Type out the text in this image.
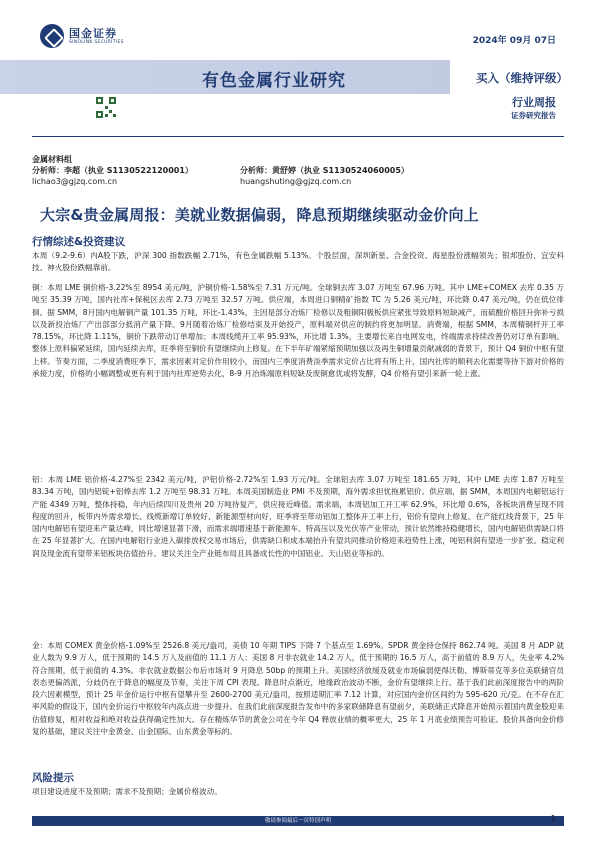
国金证券
SINOLINK SECURITIES	2024年 09月 07日
有色金属行业研究	买入（维持评级）
行业周报
证券研究报告
金属材料组
分析师：李超（执业 S1130522120001）	分析师：黄舒婷（执业 S1130524060005）
lichao3@gjzq.com.cn	huangshuting@gjzq.com.cn
大宗&贵金属周报：美就业数据偏弱，降息预期继续驱动金价向上
行情综述&投资建议
本周（9.2-9.6）内A股下跌，沪深 300 指数跌幅 2.71%，有色金属跌幅 5.13%。个股层面，深圳新星、合金投资、海星股份涨幅领先；银邦股份、宜安科技、神火股份跌幅靠前。
铜：本周 LME 铜价格-3.22%至 8954 美元/吨，沪铜价格-1.58%至 7.31 万元/吨。全球铜去库 3.07 万吨至 67.96 万吨。其中 LME+COMEX 去库 0.35 万吨至 35.39 万吨，国内社库+保税区去库 2.73 万吨至 32.57 万吨。供应端，本周进口铜精矿指数 TC 为 5.26 美元/吨，环比降 0.47 美元/吨，仍在低位徘徊。据 SMM，8月国内电解铜产量 101.35 万吨，环比-1.43%，主因是部分冶炼厂检修以及粗铜阳极板供应紧张导致原料短缺减产，而硫酸价格回升弥补亏损以及新投冶炼厂产出部部分抵消产量下降。9月随着冶炼厂检修结束及开始投产，原料端对供应的制约将更加明显。消费端，根据 SMM，本周精铜杆开工率 78.15%，环比降 1.11%，铜价下跌带动订单增加；本周线缆开工率 95.93%，环比增 1.3%，主要增长来自电网发电，终端需求持续改善仍对订单有影响。整体上原料偏紧延续，国内延续去库，旺季将至铜价有望继续向上修复。在下半年矿端紧缩预期加强以及再生铜增量贡献减弱的背景下，预计 Q4 铜价中枢有望上移。节奏方面，二季度消费旺季下，需求因素对定价作用较小，而国内三季度消费淡季需求定价占比将有所上升，国内社库的顺利去化需要等待下游对价格的承接力度，价格的小幅调整或更有利于国内社库逆势去化，8-9 月冶炼端原料短缺及废铜愈优或将发酵，Q4 价格有望引来新一轮上涨。
铝：本周 LME 铝价格-4.27%至 2342 美元/吨，沪铝价格-2.72%至 1.93 万元/吨。全球铝去库 3.07 万吨至 181.65 万吨，其中 LME 去库 1.87 万吨至 83.34 万吨，国内铝锭+铝棒去库 1.2 万吨至 98.31 万吨。本周美国制造业 PMI 不及预期，海外需求担忧拖累铝价。供应端，据 SMM，本周国内电解铝运行产能 4349 万吨，整体持稳，年内后续四川及贵州 20 万吨待复产，供应接近峰值。需求端，本周铝加工开工率 62.9%，环比增 0.6%，各板块消费呈现不同程度的回升，板带内外需求增长、线缆新增订单较好、新能源型材向好，旺季将至带动铝加工整体开工率上行，铝价有望向上修复。在产能红线背景下，25 年国内电解铝有望迎来产量达峰，同比增速显著下滑，而需求端增速基于新能源车、特高压以及光伏等产业带动，预计依然维持稳健增长，国内电解铝供需缺口将在 25 年显著扩大。在国内电解铝行业进入碳排放权交易市场后，供需缺口和成本端抬升有望共同推动价格迎来趋势性上涨，吨铝利润有望进一步扩张。稳定利润及现金流有望带来铝板块估值抬升。建议关注全产业链布局且具备成长性的中国铝业、天山铝业等标的。
金：本周 COMEX 黄金价格-1.09%至 2526.8 美元/盎司，美债 10 年期 TIPS 下降 7 个基点至 1.69%。SPDR 黄金持仓保持 862.74 吨。美国 8 月 ADP 就业人数为 9.9 万人，低于预期的 14.5 万人及前值的 11.1 万人；美国 8 月非农就业 14.2 万人，低于预期的 16.5 万人，高于前值的 8.9 万人，失业率 4.2%符合预期，低于前值的 4.3%。非农就业数据公布后市场对 9 月降息 50bp 的预期上升。美国经济放缓及就业市场偏弱使得沃勒、博斯蒂克等多位美联储官员表态更偏鸽派，分歧仍在于降息的幅度及节奏，关注下周 CPI 表现。降息时点渐近，地缘政治波动不断，金价有望继续上行。基于我们此前深度报告中的两阶段六因素模型，预计 25 年金价运行中枢有望攀升至 2600-2700 美元/盎司，按照适期汇率 7.12 计算，对应国内金价区间约为 595-620 元/克。在不存在汇率风险的假设下，国内金价运行中枢较年内高点进一步提升。在我们此前深度报告发布中的多家联储降息有望前夕，美联储正式降息开始预示着国内黄金股迎来估值修复，相对收益和绝对收益获得确定性加大。存在精炼华节的黄金公司在今年 Q4 释放业绩的概率更大，25 年 1 月底业绩预告可验证。股价具备向金价修复的基础，建议关注中金黄金、山金国际、山东黄金等标的。
风险提示
项目建设进度不及预期；需求不及预期；金属价格波动。
敬请参阅最后一页特别声明	1
